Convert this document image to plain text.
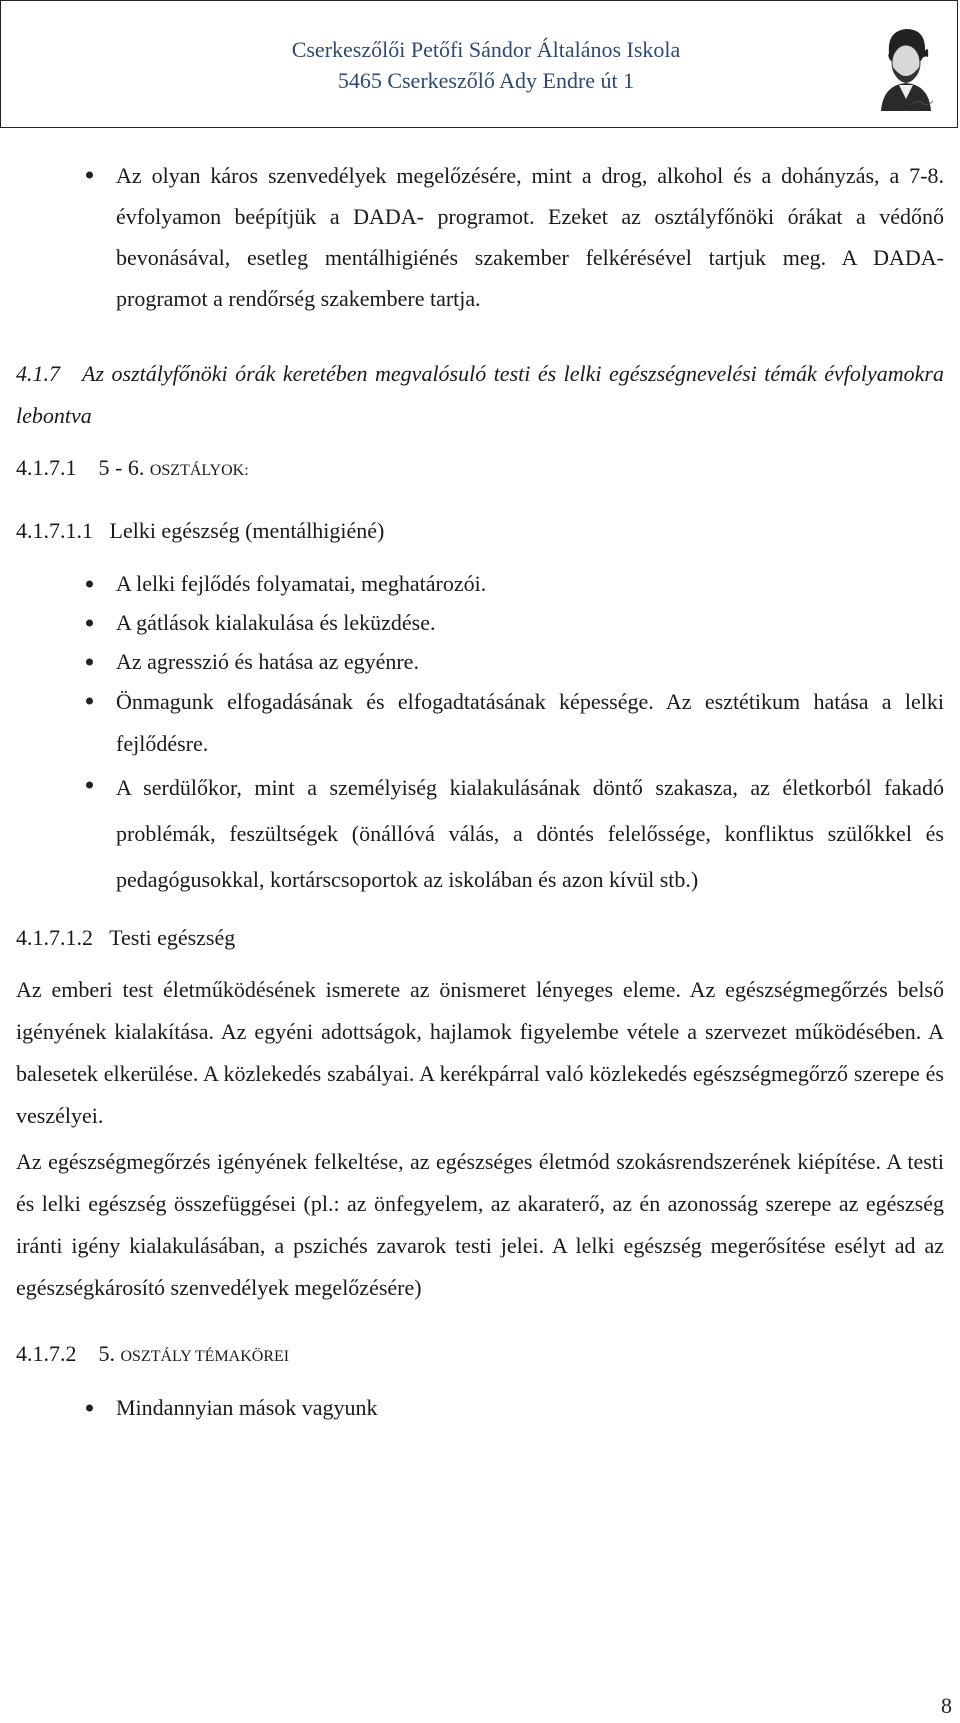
Cserkeszőlői Petőfi Sándor Általános Iskola
5465 Cserkeszőlő Ady Endre út 1
Az olyan káros szenvedélyek megelőzésére, mint a drog, alkohol és a dohányzás, a 7-8. évfolyamon beépítjük a DADA- programot. Ezeket az osztályfőnöki órákat a védőnő bevonásával, esetleg mentálhigiénés szakember felkérésével tartjuk meg. A DADA- programot a rendőrség szakembere tartja.
4.1.7 Az osztályfőnöki órák keretében megvalósuló testi és lelki egészségnevelési témák évfolyamokra lebontva
4.1.7.1 5 - 6. OSZTÁLYOK:
4.1.7.1.1 Lelki egészség (mentálhigiéné)
A lelki fejlődés folyamatai, meghatározói.
A gátlások kialakulása és leküzdése.
Az agresszió és hatása az egyénre.
Önmagunk elfogadásának és elfogadtatásának képessége. Az esztétikum hatása a lelki fejlődésre.
A serdülőkor, mint a személyiség kialakulásának döntő szakasza, az életkorból fakadó problémák, feszültségek (önállóvá válás, a döntés felelőssége, konfliktus szülőkkel és pedagógusokkal, kortárscsoportok az iskolában és azon kívül stb.)
4.1.7.1.2 Testi egészség
Az emberi test életműködésének ismerete az önismeret lényeges eleme. Az egészségmegőrzés belső igényének kialakítása. Az egyéni adottságok, hajlamok figyelembe vétele a szervezet működésében. A balesetek elkerülése. A közlekedés szabályai. A kerékpárral való közlekedés egészségmegőrző szerepe és veszélyei.
Az egészségmegőrzés igényének felkeltése, az egészséges életmód szokásrendszerének kiépítése. A testi és lelki egészség összefüggései (pl.: az önfegyelem, az akaraterő, az én azonosság szerepe az egészség iránti igény kialakulásában, a pszichés zavarok testi jelei. A lelki egészség megerősítése esélyt ad az egészségkárosító szenvedélyek megelőzésére)
4.1.7.2 5. OSZTÁLY TÉMAKÖREI
Mindannyian mások vagyunk
8
